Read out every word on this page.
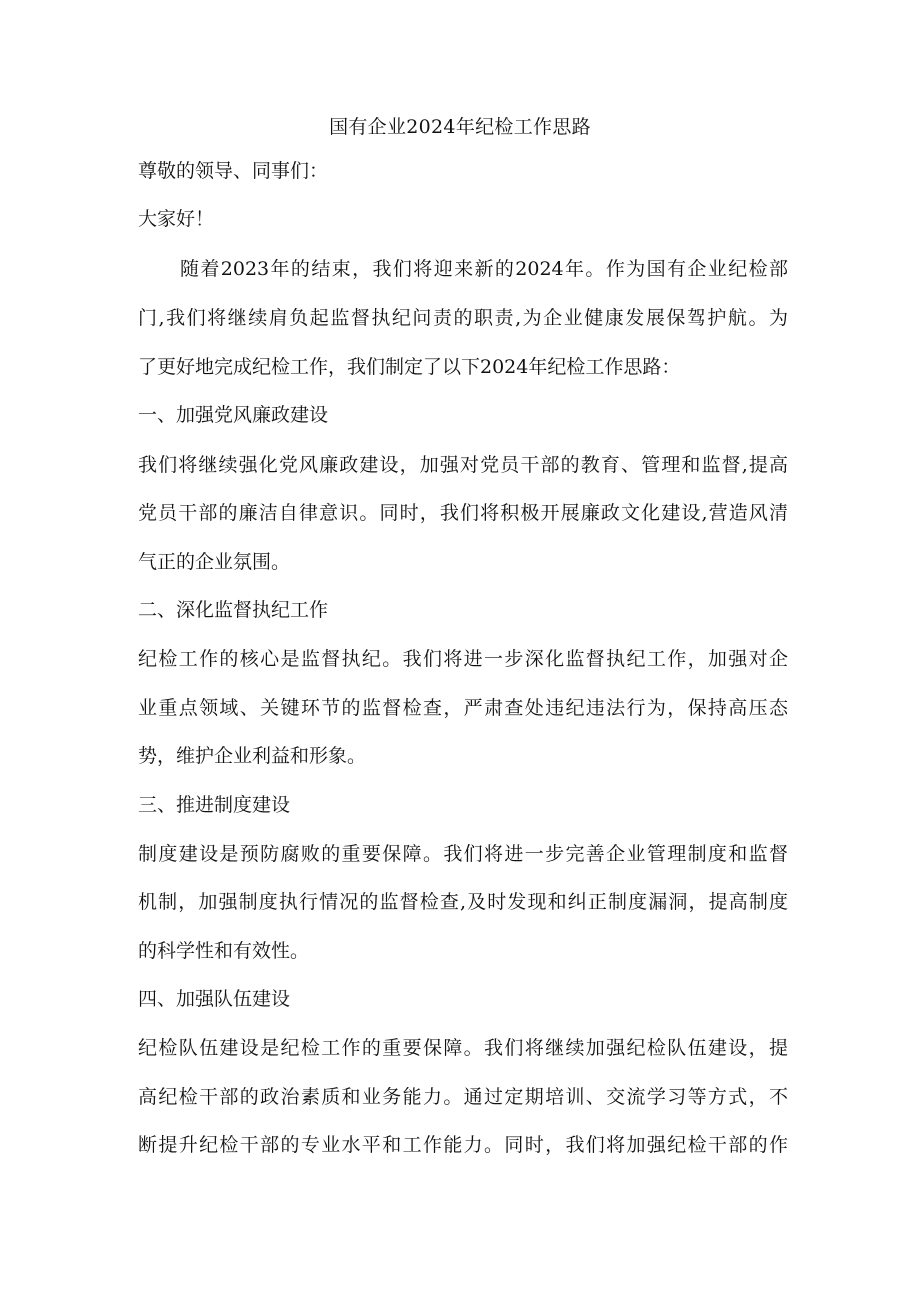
国有企业2024年纪检工作思路
尊敬的领导、同事们：
大家好！
随着2023年的结束，我们将迎来新的2024年。作为国有企业纪检部
门,我们将继续肩负起监督执纪问责的职责,为企业健康发展保驾护航。为
了更好地完成纪检工作，我们制定了以下2024年纪检工作思路：
一、加强党风廉政建设
我们将继续强化党风廉政建设，加强对党员干部的教育、管理和监督,提高
党员干部的廉洁自律意识。同时，我们将积极开展廉政文化建设,营造风清
气正的企业氛围。
二、深化监督执纪工作
纪检工作的核心是监督执纪。我们将进一步深化监督执纪工作，加强对企
业重点领域、关键环节的监督检查，严肃查处违纪违法行为，保持高压态
势，维护企业利益和形象。
三、推进制度建设
制度建设是预防腐败的重要保障。我们将进一步完善企业管理制度和监督
机制，加强制度执行情况的监督检查,及时发现和纠正制度漏洞，提高制度
的科学性和有效性。
四、加强队伍建设
纪检队伍建设是纪检工作的重要保障。我们将继续加强纪检队伍建设，提
高纪检干部的政治素质和业务能力。通过定期培训、交流学习等方式，不
断提升纪检干部的专业水平和工作能力。同时，我们将加强纪检干部的作
